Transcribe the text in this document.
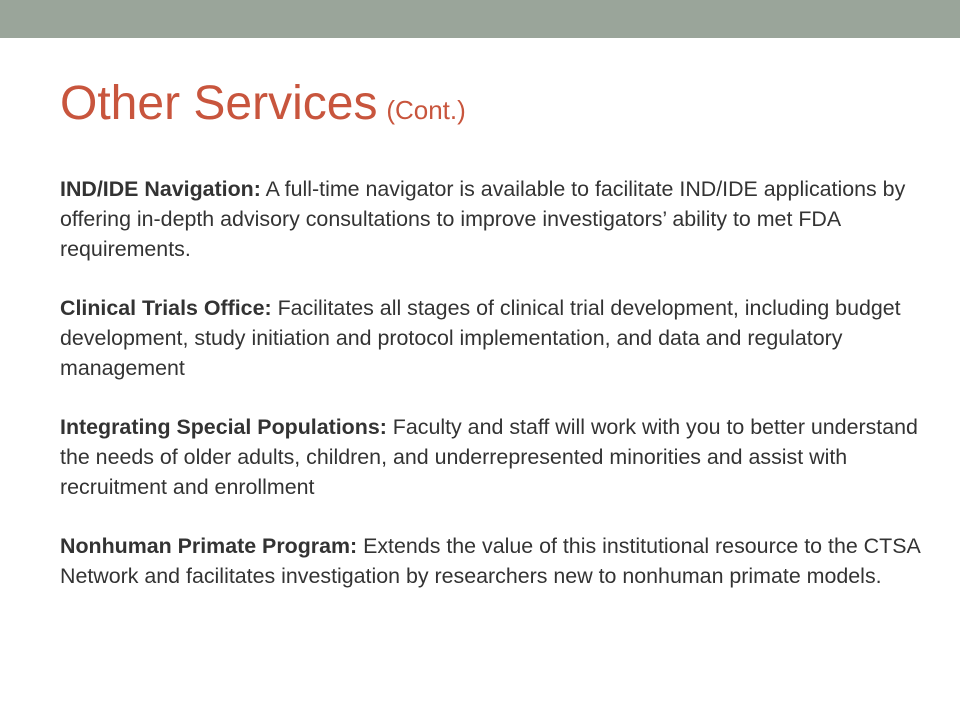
Other Services (Cont.)

IND/IDE Navigation: A full-time navigator is available to facilitate IND/IDE applications by offering in-depth advisory consultations to improve investigators’ ability to met FDA requirements.

Clinical Trials Office: Facilitates all stages of clinical trial development, including budget development, study initiation and protocol implementation, and data and regulatory management

Integrating Special Populations: Faculty and staff will work with you to better understand the needs of older adults, children, and underrepresented minorities and assist with recruitment and enrollment

Nonhuman Primate Program: Extends the value of this institutional resource to the CTSA Network and facilitates investigation by researchers new to nonhuman primate models.
